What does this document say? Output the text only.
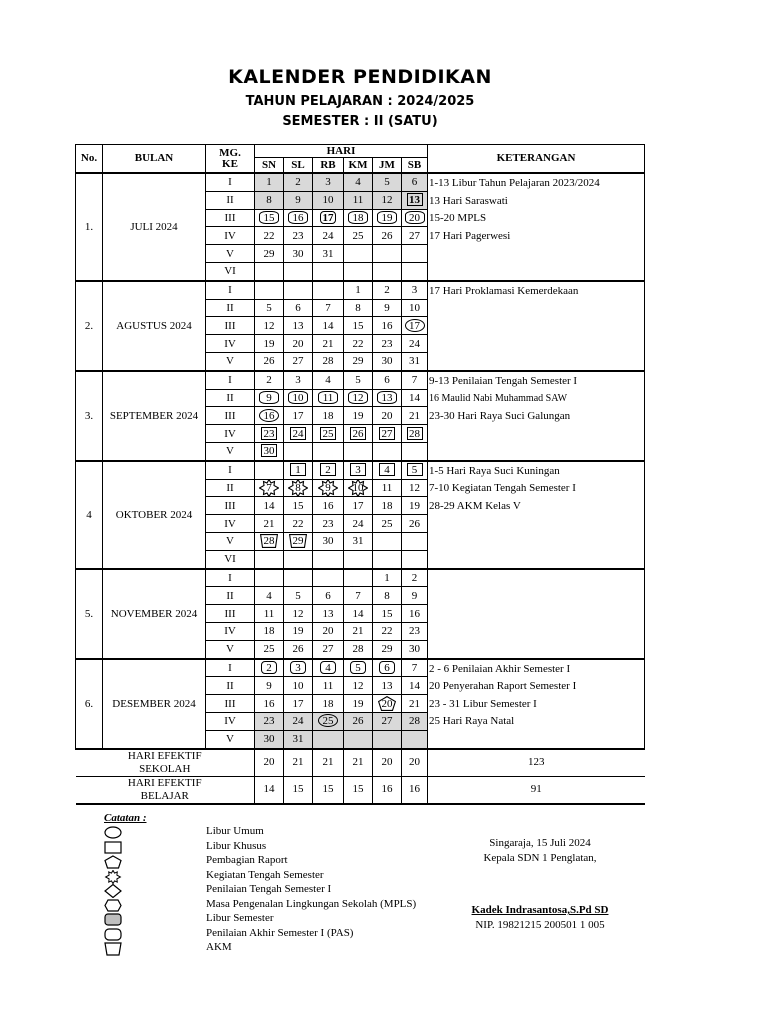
KALENDER PENDIDIKAN
TAHUN PELAJARAN : 2024/2025
SEMESTER : II (SATU)
No.	BULAN	MG.
KE	HARI						KETERANGAN
			SN	SL	RB	KM	JM	SB	
1.	JULI 2024	I	1	2	3	4	5	6	1-13 Libur Tahun Pelajaran 2023/2024
13 Hari Saraswati
15-20 MPLS
17 Hari Pagerwesi

		II	8	9	10	11	12	13	
		III	15	16	17	18	19	20	
		IV	22	23	24	25	26	27	
		V	29	30	31				
		VI							
2.	AGUSTUS 2024	I				1	2	3	17 Hari Proklamasi Kemerdekaan

		II	5	6	7	8	9	10	
		III	12	13	14	15	16	17	
		IV	19	20	21	22	23	24	
		V	26	27	28	29	30	31	
3.	SEPTEMBER 2024	I	2	3	4	5	6	7	9-13 Penilaian Tengah Semester I
16 Maulid Nabi Muhammad SAW
23-30 Hari Raya Suci Galungan

		II	9	10	11	12	13	14	
		III	16	17	18	19	20	21	
		IV	23	24	25	26	27	28	
		V	30						
4	OKTOBER 2024	I		1	2	3	4	5	1-5 Hari Raya Suci Kuningan
7-10 Kegiatan Tengah Semester I
28-29 AKM Kelas V

		II	7	8	9	10	11	12	
		III	14	15	16	17	18	19	
		IV	21	22	23	24	25	26	
		V	28	29	30	31			
		VI							
5.	NOVEMBER 2024	I					1	2	
		II	4	5	6	7	8	9	
		III	11	12	13	14	15	16	
		IV	18	19	20	21	22	23	
		V	25	26	27	28	29	30	
6.	DESEMBER 2024	I	2	3	4	5	6	7	2 - 6 Penilaian Akhir Semester I
20 Penyerahan Raport Semester I
23 - 31 Libur Semester I
25 Hari Raya Natal

		II	9	10	11	12	13	14	
		III	16	17	18	19	20	21	
		IV	23	24	25	26	27	28	
		V	30	31					
HARI EFEKTIF
SEKOLAH			20	21	21	21	20	20	123
HARI EFEKTIF
BELAJAR			14	15	15	15	16	16	91
Catatan :
Libur Umum
Libur Khusus
Pembagian Raport
Kegiatan Tengah Semester
Penilaian Tengah Semester I
Masa Pengenalan Lingkungan Sekolah (MPLS)
Libur Semester
Penilaian Akhir Semester I (PAS)
AKM
Singaraja, 15 Juli 2024
Kepala SDN 1 Penglatan,
Kadek Indrasantosa,S.Pd SD
NIP. 19821215 200501 1 005
